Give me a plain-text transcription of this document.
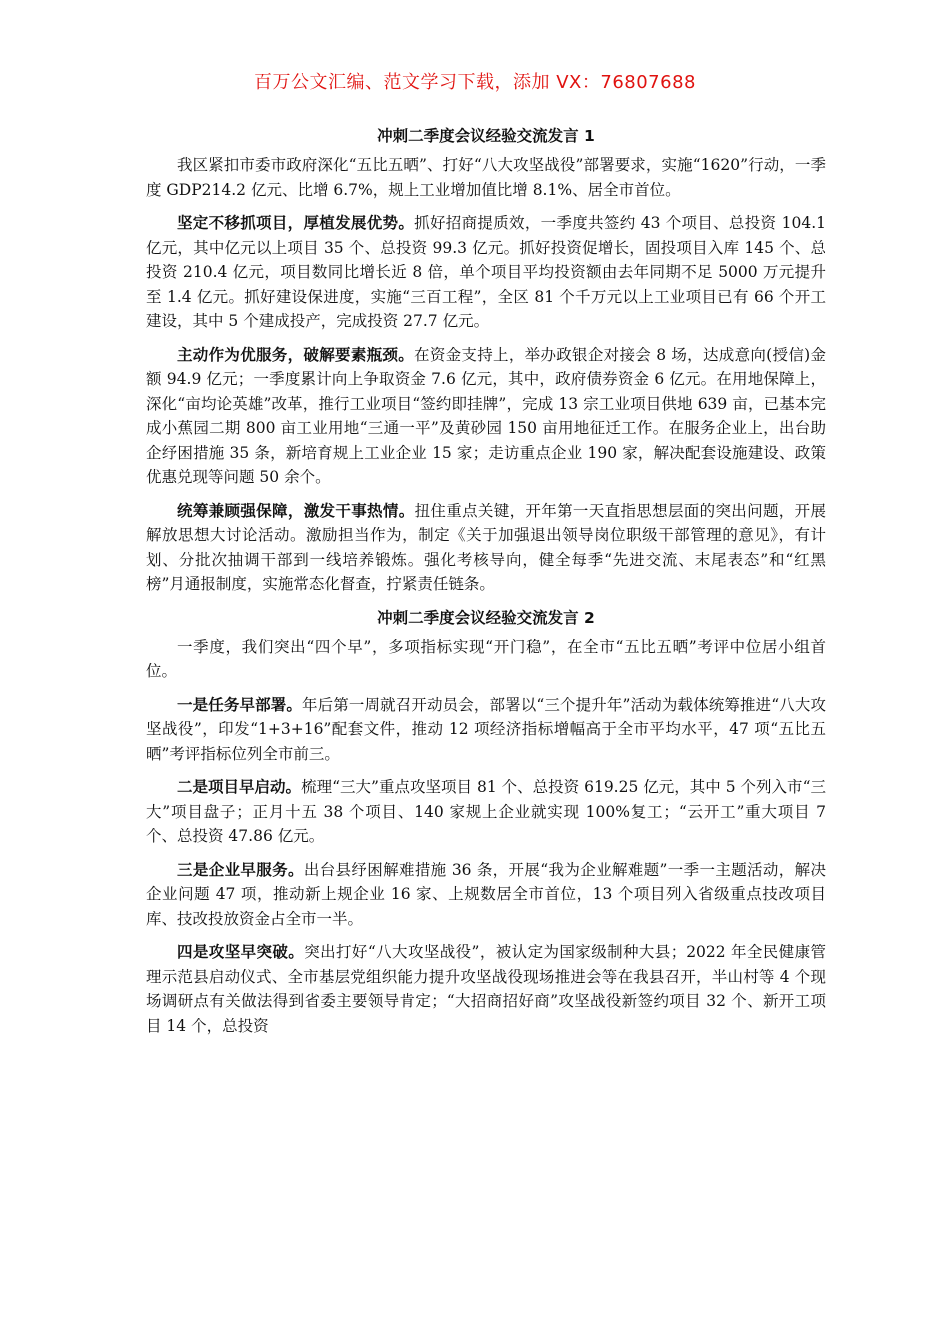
百万公文汇编、范文学习下载，添加 VX：76807688
冲刺二季度会议经验交流发言 1

我区紧扣市委市政府深化“五比五晒”、打好“八大攻坚战役”部署要求，实施“1620”行动，一季度 GDP214.2 亿元、比增 6.7%，规上工业增加值比增 8.1%、居全市首位。

坚定不移抓项目，厚植发展优势。抓好招商提质效，一季度共签约 43 个项目、总投资 104.1 亿元，其中亿元以上项目 35 个、总投资 99.3 亿元。抓好投资促增长，固投项目入库 145 个、总投资 210.4 亿元，项目数同比增长近 8 倍，单个项目平均投资额由去年同期不足 5000 万元提升至 1.4 亿元。抓好建设保进度，实施“三百工程”，全区 81 个千万元以上工业项目已有 66 个开工建设，其中 5 个建成投产，完成投资 27.7 亿元。

主动作为优服务，破解要素瓶颈。在资金支持上，举办政银企对接会 8 场，达成意向(授信)金额 94.9 亿元；一季度累计向上争取资金 7.6 亿元，其中，政府债券资金 6 亿元。在用地保障上，深化“亩均论英雄”改革，推行工业项目“签约即挂牌”，完成 13 宗工业项目供地 639 亩，已基本完成小蕉园二期 800 亩工业用地“三通一平”及黄砂园 150 亩用地征迁工作。在服务企业上，出台助企纾困措施 35 条，新培育规上工业企业 15 家；走访重点企业 190 家，解决配套设施建设、政策优惠兑现等问题 50 余个。

统筹兼顾强保障，激发干事热情。扭住重点关键，开年第一天直指思想层面的突出问题，开展解放思想大讨论活动。激励担当作为，制定《关于加强退出领导岗位职级干部管理的意见》，有计划、分批次抽调干部到一线培养锻炼。强化考核导向，健全每季“先进交流、末尾表态”和“红黑榜”月通报制度，实施常态化督查，拧紧责任链条。

冲刺二季度会议经验交流发言 2

一季度，我们突出“四个早”，多项指标实现“开门稳”，在全市“五比五晒”考评中位居小组首位。

一是任务早部署。年后第一周就召开动员会，部署以“三个提升年”活动为载体统筹推进“八大攻坚战役”，印发“1+3+16”配套文件，推动 12 项经济指标增幅高于全市平均水平，47 项“五比五晒”考评指标位列全市前三。

二是项目早启动。梳理“三大”重点攻坚项目 81 个、总投资 619.25 亿元，其中 5 个列入市“三大”项目盘子；正月十五 38 个项目、140 家规上企业就实现 100%复工；“云开工”重大项目 7 个、总投资 47.86 亿元。

三是企业早服务。出台县纾困解难措施 36 条，开展“我为企业解难题”一季一主题活动，解决企业问题 47 项，推动新上规企业 16 家、上规数居全市首位，13 个项目列入省级重点技改项目库、技改投放资金占全市一半。

四是攻坚早突破。突出打好“八大攻坚战役”，被认定为国家级制种大县；2022 年全民健康管理示范县启动仪式、全市基层党组织能力提升攻坚战役现场推进会等在我县召开，半山村等 4 个现场调研点有关做法得到省委主要领导肯定；“大招商招好商”攻坚战役新签约项目 32 个、新开工项目 14 个，总投资
